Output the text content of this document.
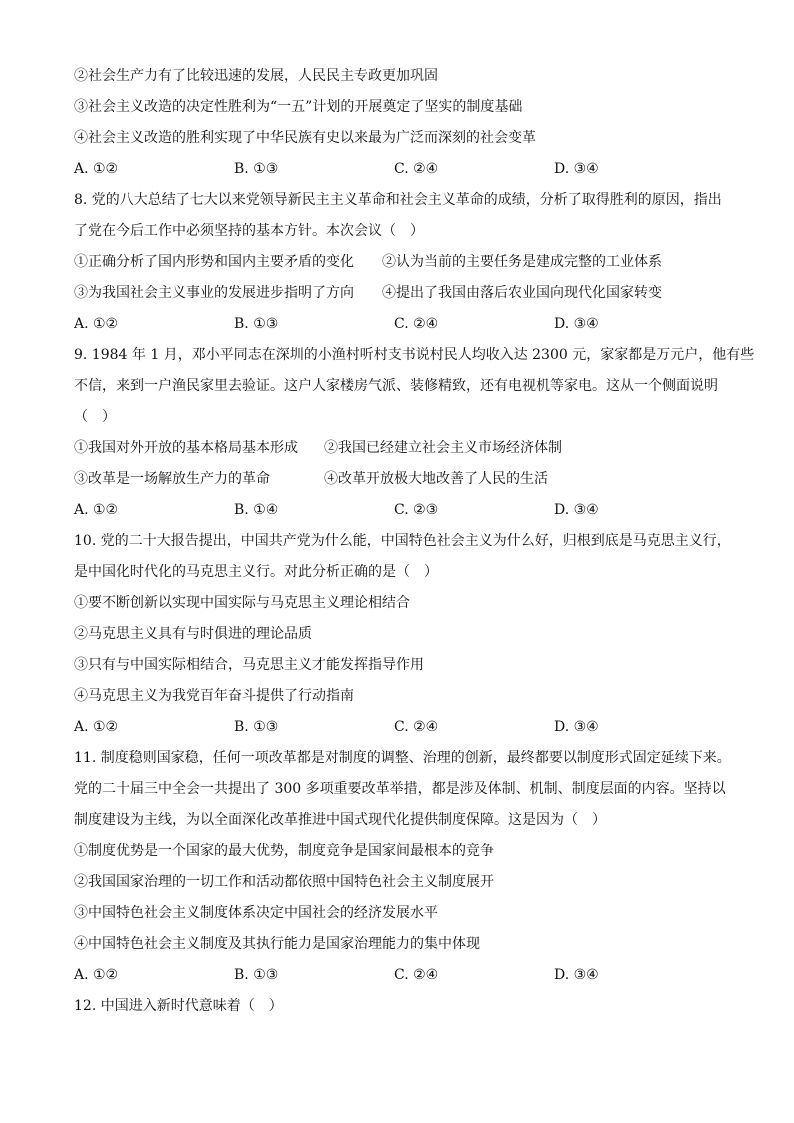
②社会生产力有了比较迅速的发展，人民民主专政更加巩固
③社会主义改造的决定性胜利为“一五”计划的开展奠定了坚实的制度基础
④社会主义改造的胜利实现了中华民族有史以来最为广泛而深刻的社会变革
A. ①②	B. ①③	C. ②④	D. ③④
8. 党的八大总结了七大以来党领导新民主主义革命和社会主义革命的成绩，分析了取得胜利的原因，指出
了党在今后工作中必须坚持的基本方针。本次会议（　）
①正确分析了国内形势和国内主要矛盾的变化	②认为当前的主要任务是建成完整的工业体系
③为我国社会主义事业的发展进步指明了方向	④提出了我国由落后农业国向现代化国家转变
A. ①②	B. ①③	C. ②④	D. ③④
9. 1984 年 1 月，邓小平同志在深圳的小渔村听村支书说村民人均收入达 2300 元，家家都是万元户，他有些
不信，来到一户渔民家里去验证。这户人家楼房气派、装修精致，还有电视机等家电。这从一个侧面说明
（　）
①我国对外开放的基本格局基本形成	②我国已经建立社会主义市场经济体制
③改革是一场解放生产力的革命	④改革开放极大地改善了人民的生活
A. ①②	B. ①④	C. ②③	D. ③④
10. 党的二十大报告提出，中国共产党为什么能，中国特色社会主义为什么好，归根到底是马克思主义行，
是中国化时代化的马克思主义行。对此分析正确的是（　）
①要不断创新以实现中国实际与马克思主义理论相结合
②马克思主义具有与时俱进的理论品质
③只有与中国实际相结合，马克思主义才能发挥指导作用
④马克思主义为我党百年奋斗提供了行动指南
A. ①②	B. ①③	C. ②④	D. ③④
11. 制度稳则国家稳，任何一项改革都是对制度的调整、治理的创新，最终都要以制度形式固定延续下来。
党的二十届三中全会一共提出了 300 多项重要改革举措，都是涉及体制、机制、制度层面的内容。坚持以
制度建设为主线，为以全面深化改革推进中国式现代化提供制度保障。这是因为（　）
①制度优势是一个国家的最大优势，制度竞争是国家间最根本的竞争
②我国国家治理的一切工作和活动都依照中国特色社会主义制度展开
③中国特色社会主义制度体系决定中国社会的经济发展水平
④中国特色社会主义制度及其执行能力是国家治理能力的集中体现
A. ①②	B. ①③	C. ②④	D. ③④
12. 中国进入新时代意味着（　）
